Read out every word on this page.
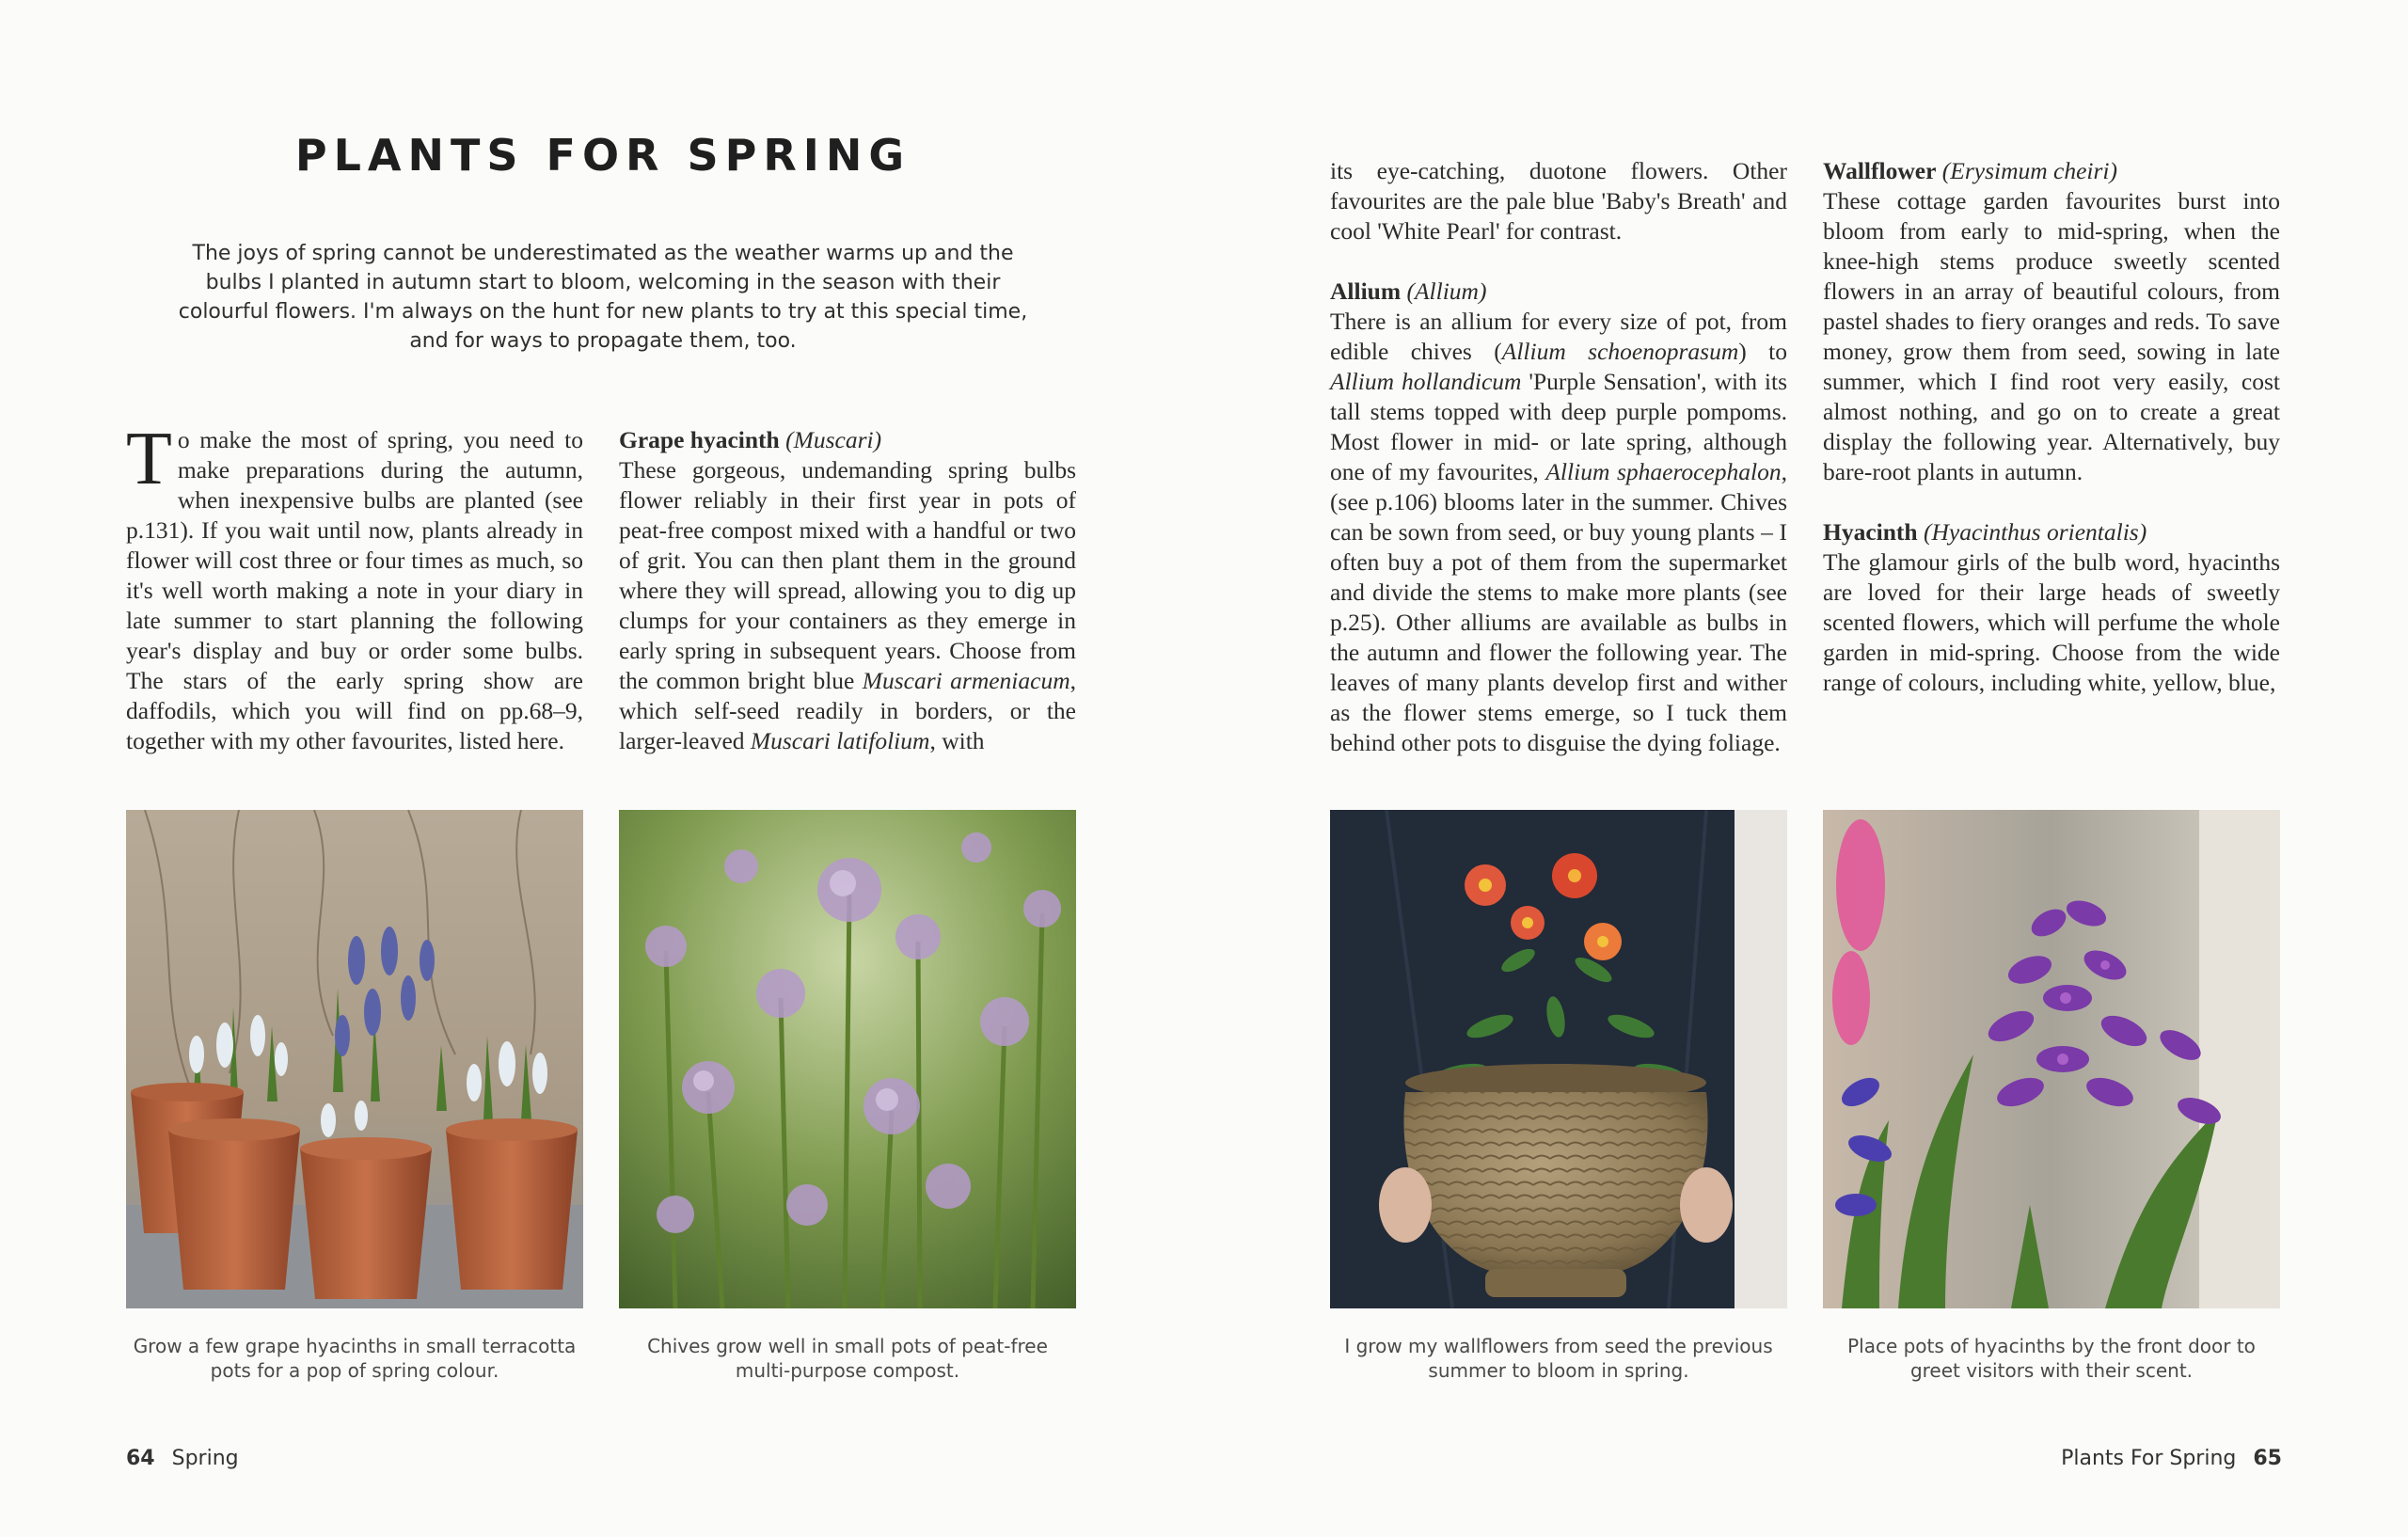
PLANTS FOR SPRING

The joys of spring cannot be underestimated as the weather warms up and the bulbs I planted in autumn start to bloom, welcoming in the season with their colourful flowers. I'm always on the hunt for new plants to try at this special time, and for ways to propagate them, too.

To make the most of spring, you need to make preparations during the autumn, when inexpensive bulbs are planted (see p.131). If you wait until now, plants already in flower will cost three or four times as much, so it's well worth making a note in your diary in late summer to start planning the following year's display and buy or order some bulbs. The stars of the early spring show are daffodils, which you will find on pp.68–9, together with my other favourites, listed here.

Grape hyacinth (Muscari)

These gorgeous, undemanding spring bulbs flower reliably in their first year in pots of peat-free compost mixed with a handful or two of grit. You can then plant them in the ground where they will spread, allowing you to dig up clumps for your containers as they emerge in early spring in subsequent years. Choose from the common bright blue Muscari armeniacum, which self-seed readily in borders, or the larger-leaved Muscari latifolium, with

Grow a few grape hyacinths in small terracotta pots for a pop of spring colour.

Chives grow well in small pots of peat-free multi-purpose compost.

64 Spring

its eye-catching, duotone flowers. Other favourites are the pale blue 'Baby's Breath' and cool 'White Pearl' for contrast.

Allium (Allium)

There is an allium for every size of pot, from edible chives (Allium schoenoprasum) to Allium hollandicum 'Purple Sensation', with its tall stems topped with deep purple pompoms. Most flower in mid- or late spring, although one of my favourites, Allium sphaerocephalon, (see p.106) blooms later in the summer. Chives can be sown from seed, or buy young plants – I often buy a pot of them from the supermarket and divide the stems to make more plants (see p.25). Other alliums are available as bulbs in the autumn and flower the following year. The leaves of many plants develop first and wither as the flower stems emerge, so I tuck them behind other pots to disguise the dying foliage.

Wallflower (Erysimum cheiri)

These cottage garden favourites burst into bloom from early to mid-spring, when the knee-high stems produce sweetly scented flowers in an array of beautiful colours, from pastel shades to fiery oranges and reds. To save money, grow them from seed, sowing in late summer, which I find root very easily, cost almost nothing, and go on to create a great display the following year. Alternatively, buy bare-root plants in autumn.

Hyacinth (Hyacinthus orientalis)

The glamour girls of the bulb word, hyacinths are loved for their large heads of sweetly scented flowers, which will perfume the whole garden in mid-spring. Choose from the wide range of colours, including white, yellow, blue,

I grow my wallflowers from seed the previous summer to bloom in spring.

Place pots of hyacinths by the front door to greet visitors with their scent.

Plants For Spring 65
